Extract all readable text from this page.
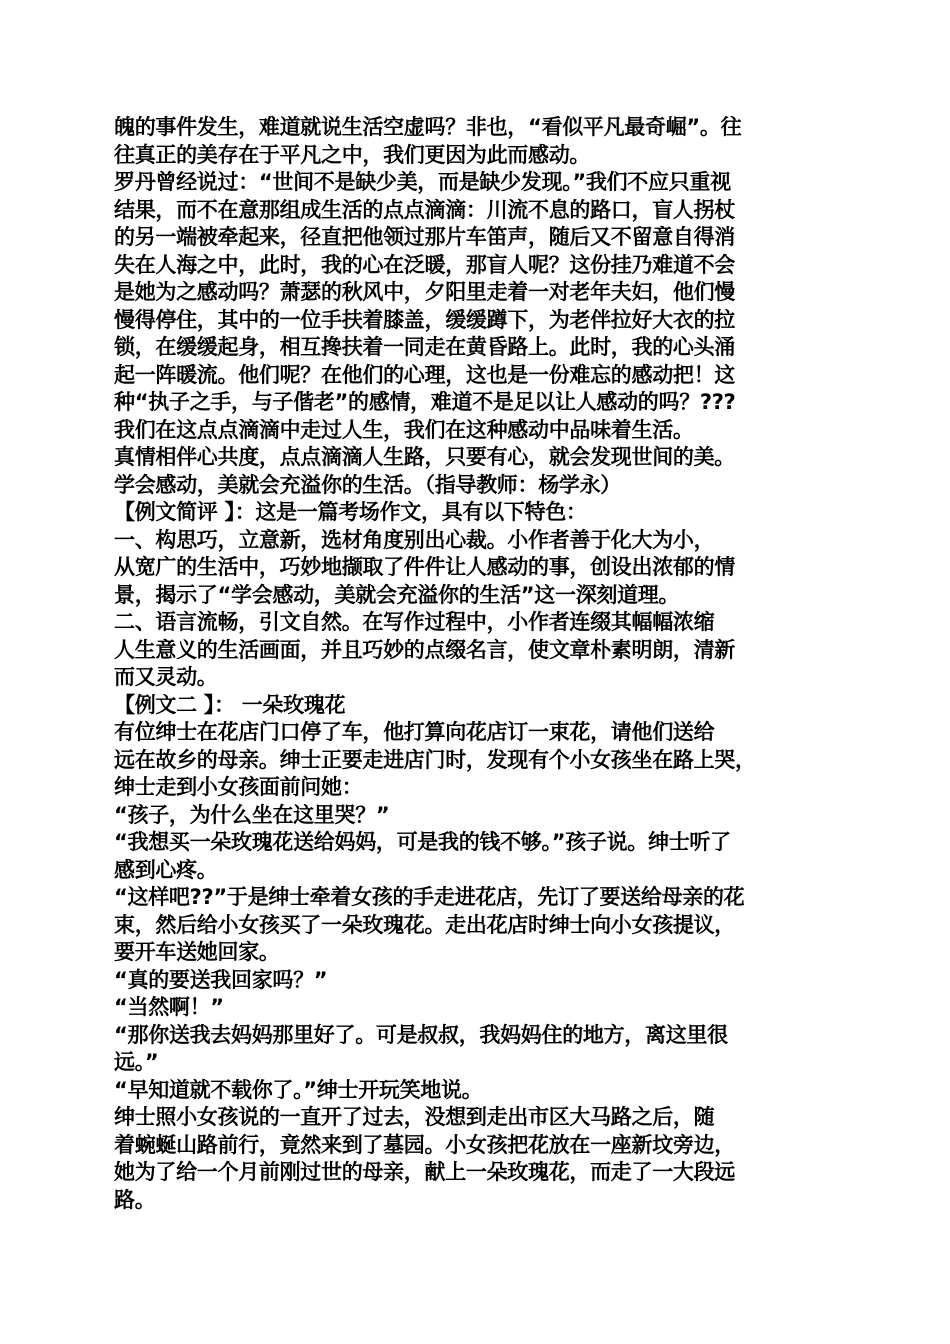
魄的事件发生，难道就说生活空虚吗？非也，“看似平凡最奇崛”。往
往真正的美存在于平凡之中，我们更因为此而感动。
罗丹曾经说过：“世间不是缺少美，而是缺少发现。”我们不应只重视
结果，而不在意那组成生活的点点滴滴：川流不息的路口，盲人拐杖
的另一端被牵起来，径直把他领过那片车笛声，随后又不留意自得消
失在人海之中，此时，我的心在泛暖，那盲人呢？这份挂乃难道不会
是她为之感动吗？萧瑟的秋风中，夕阳里走着一对老年夫妇，他们慢
慢得停住，其中的一位手扶着膝盖，缓缓蹲下，为老伴拉好大衣的拉
锁，在缓缓起身，相互搀扶着一同走在黄昏路上。此时，我的心头涌
起一阵暖流。他们呢？在他们的心理，这也是一份难忘的感动把！这
种“执子之手，与子偕老”的感情，难道不是足以让人感动的吗？???
我们在这点点滴滴中走过人生，我们在这种感动中品味着生活。
真情相伴心共度，点点滴滴人生路，只要有心，就会发现世间的美。
学会感动，美就会充溢你的生活。（指导教师：杨学永）
【例文简评 】：这是一篇考场作文，具有以下特色：
一、构思巧，立意新，选材角度别出心裁。小作者善于化大为小，
从宽广的生活中，巧妙地撷取了件件让人感动的事，创设出浓郁的情
景，揭示了“学会感动，美就会充溢你的生活”这一深刻道理。
二、语言流畅，引文自然。在写作过程中，小作者连缀其幅幅浓缩
人生意义的生活画面，并且巧妙的点缀名言，使文章朴素明朗，清新
而又灵动。
【例文二 】： 一朵玫瑰花
有位绅士在花店门口停了车，他打算向花店订一束花，请他们送给
远在故乡的母亲。绅士正要走进店门时，发现有个小女孩坐在路上哭，
绅士走到小女孩面前问她：
“孩子，为什么坐在这里哭？”
“我想买一朵玫瑰花送给妈妈，可是我的钱不够。”孩子说。绅士听了
感到心疼。
“这样吧??”于是绅士牵着女孩的手走进花店，先订了要送给母亲的花
束，然后给小女孩买了一朵玫瑰花。走出花店时绅士向小女孩提议，
要开车送她回家。
“真的要送我回家吗？”
“当然啊！”
“那你送我去妈妈那里好了。可是叔叔，我妈妈住的地方，离这里很
远。”
“早知道就不载你了。”绅士开玩笑地说。
绅士照小女孩说的一直开了过去，没想到走出市区大马路之后，随
着蜿蜒山路前行，竟然来到了墓园。小女孩把花放在一座新坟旁边，
她为了给一个月前刚过世的母亲，献上一朵玫瑰花，而走了一大段远
路。
